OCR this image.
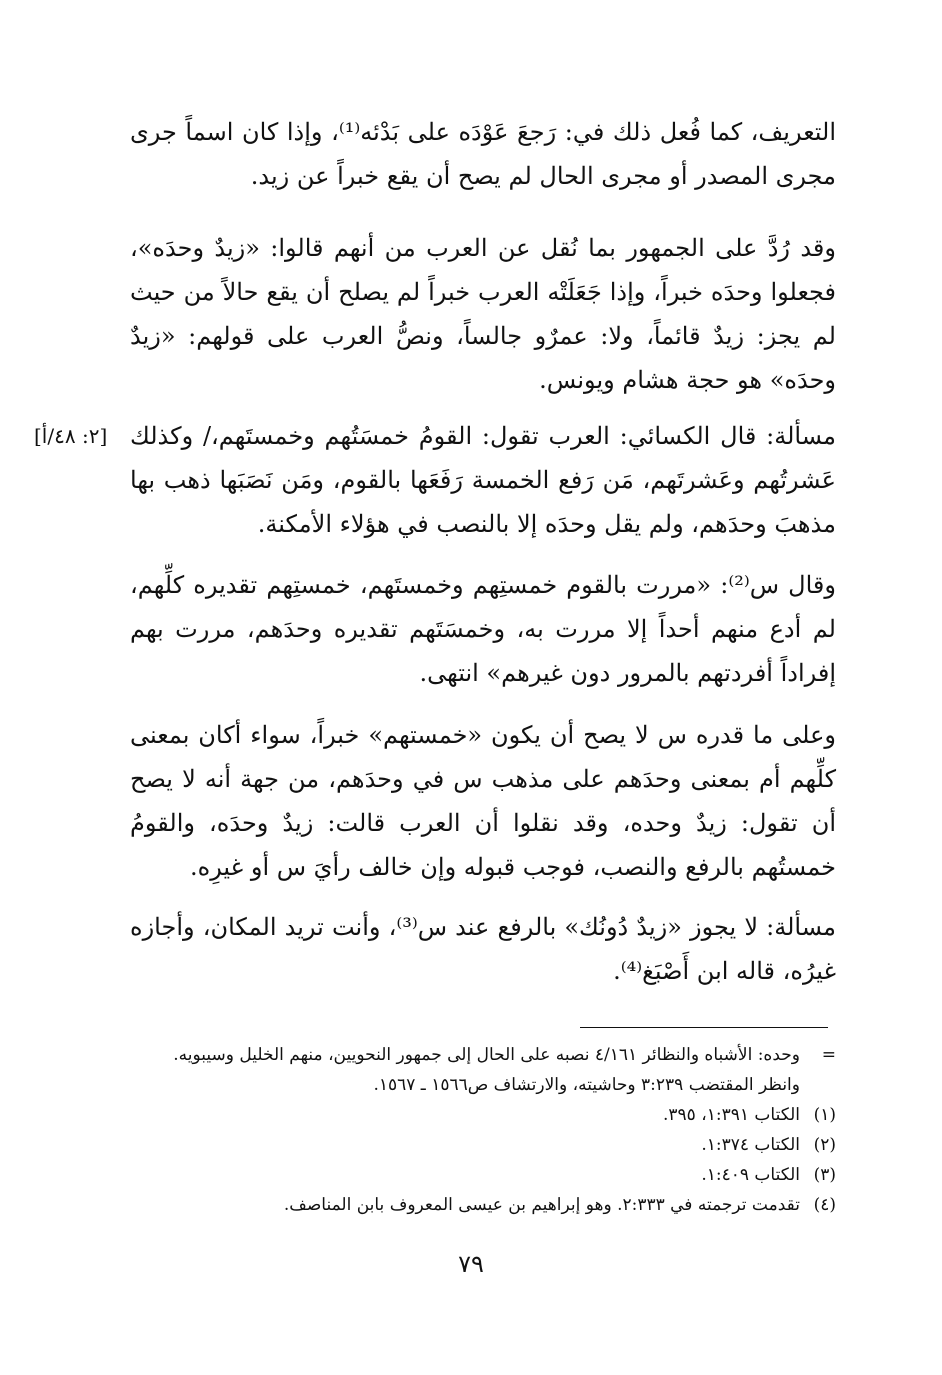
التعريف، كما فُعل ذلك في: رَجعَ عَوْدَه على بَدْئه⁽¹⁾، وإذا كان اسماً جرى مجرى المصدر أو مجرى الحال لم يصح أن يقع خبراً عن زيد.

وقد رُدَّ على الجمهور بما نُقل عن العرب من أنهم قالوا: «زيدٌ وحدَه»، فجعلوا وحدَه خبراً، وإذا جَعَلَتْه العرب خبراً لم يصلح أن يقع حالاً من حيث لم يجز: زيدٌ قائماً، ولا: عمرٌو جالساً، ونصُّ العرب على قولهم: «زيدٌ وحدَه» هو حجة هشام ويونس.

مسألة: قال الكسائي: العرب تقول: القومُ خمسَتُهم وخمستَهم،/ وكذلك عَشرتُهم وعَشرتَهم، مَن رَفع الخمسة رَفَعَها بالقوم، ومَن نَصَبَها ذهب بها مذهبَ وحدَهم، ولم يقل وحدَه إلا بالنصب في هؤلاء الأمكنة.

[٢: ٤٨/أ]

وقال س⁽²⁾: «مررت بالقوم خمستِهم وخمستَهم، خمستِهم تقديره كلِّهم، لم أدع منهم أحداً إلا مررت به، وخمسَتَهم تقديره وحدَهم، مررت بهم إفراداً أفردتهم بالمرور دون غيرهم» انتهى.

وعلى ما قدره س لا يصح أن يكون «خمستهم» خبراً، سواء أكان بمعنى كلِّهم أم بمعنى وحدَهم على مذهب س في وحدَهم، من جهة أنه لا يصح أن تقول: زيدٌ وحده، وقد نقلوا أن العرب قالت: زيدٌ وحدَه، والقومُ خمستُهم بالرفع والنصب، فوجب قبوله وإن خالف رأيَ س أو غيرِه.

مسألة: لا يجوز «زيدٌ دُونُك» بالرفع عند س⁽³⁾، وأنت تريد المكان، وأجازه غيرُه، قاله ابن أَصْبَغ⁽⁴⁾.

=
وحده: الأشباه والنظائر ٤/١٦١ نصبه على الحال إلى جمهور النحويين، منهم الخليل وسيبويه. وانظر المقتضب ٣:٢٣٩ وحاشيته، والارتشاف ص١٥٦٦ ـ ١٥٦٧.
(١)
الكتاب ١:٣٩١، ٣٩٥.
(٢)
الكتاب ١:٣٧٤.
(٣)
الكتاب ١:٤٠٩.
(٤)
تقدمت ترجمته في ٢:٣٣٣. وهو إبراهيم بن عيسى المعروف بابن المناصف.
٧٩
